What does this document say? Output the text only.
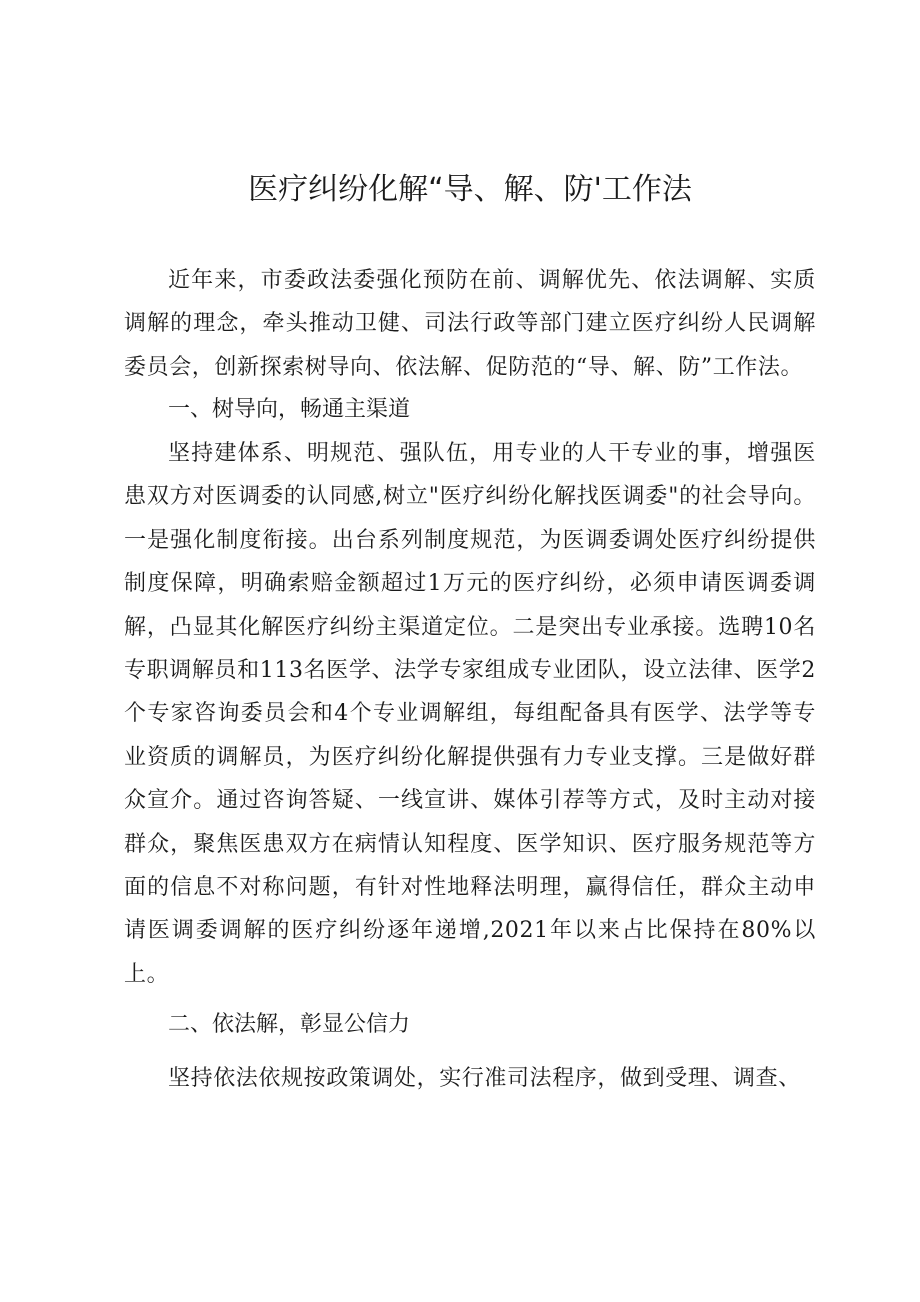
医疗纠纷化解“导、解、防'工作法

近年来，市委政法委强化预防在前、调解优先、依法调解、实质调解的理念，牵头推动卫健、司法行政等部门建立医疗纠纷人民调解委员会，创新探索树导向、依法解、促防范的“导、解、防”工作法。

一、树导向，畅通主渠道

坚持建体系、明规范、强队伍，用专业的人干专业的事，增强医患双方对医调委的认同感,树立"医疗纠纷化解找医调委"的社会导向。一是强化制度衔接。出台系列制度规范，为医调委调处医疗纠纷提供制度保障，明确索赔金额超过1万元的医疗纠纷，必须申请医调委调解，凸显其化解医疗纠纷主渠道定位。二是突出专业承接。选聘10名专职调解员和113名医学、法学专家组成专业团队，设立法律、医学2个专家咨询委员会和4个专业调解组，每组配备具有医学、法学等专业资质的调解员，为医疗纠纷化解提供强有力专业支撑。三是做好群众宣介。通过咨询答疑、一线宣讲、媒体引荐等方式，及时主动对接群众，聚焦医患双方在病情认知程度、医学知识、医疗服务规范等方面的信息不对称问题，有针对性地释法明理，赢得信任，群众主动申请医调委调解的医疗纠纷逐年递增,2021年以来占比保持在80%以上。

二、依法解，彰显公信力

坚持依法依规按政策调处，实行准司法程序，做到受理、调查、
